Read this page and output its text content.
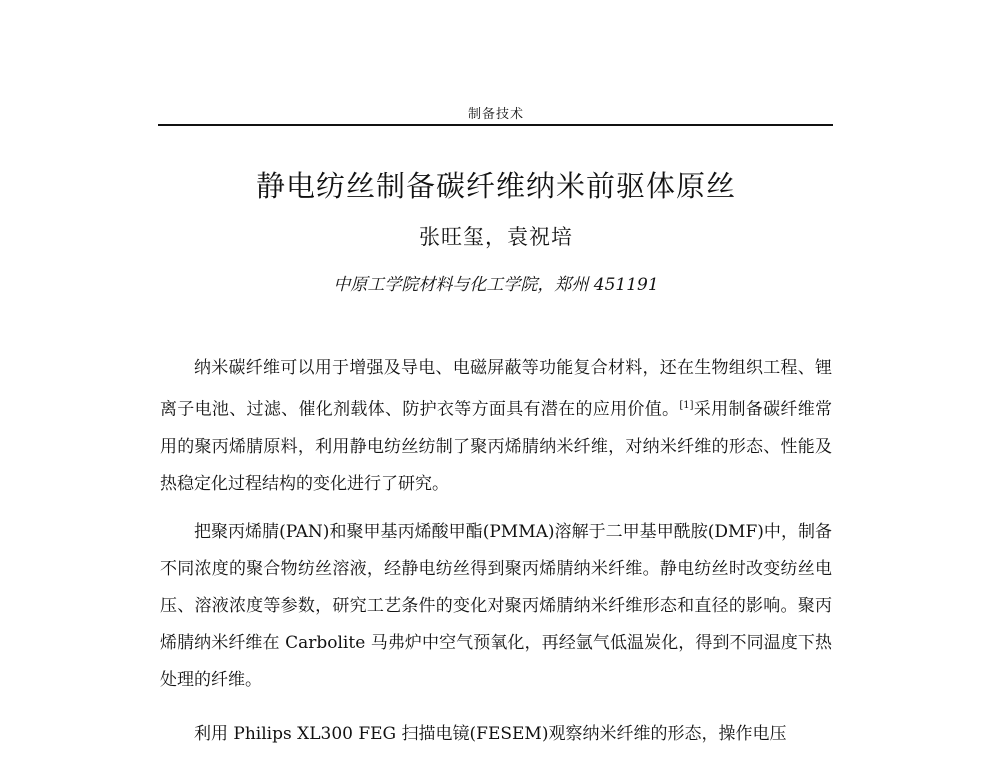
制备技术
静电纺丝制备碳纤维纳米前驱体原丝
张旺玺，袁祝培
中原工学院材料与化工学院，郑州 451191

纳米碳纤维可以用于增强及导电、电磁屏蔽等功能复合材料，还在生物组织工程、锂离子电池、过滤、催化剂载体、防护衣等方面具有潜在的应用价值。[1]采用制备碳纤维常用的聚丙烯腈原料，利用静电纺丝纺制了聚丙烯腈纳米纤维，对纳米纤维的形态、性能及热稳定化过程结构的变化进行了研究。

把聚丙烯腈(PAN)和聚甲基丙烯酸甲酯(PMMA)溶解于二甲基甲酰胺(DMF)中，制备不同浓度的聚合物纺丝溶液，经静电纺丝得到聚丙烯腈纳米纤维。静电纺丝时改变纺丝电压、溶液浓度等参数，研究工艺条件的变化对聚丙烯腈纳米纤维形态和直径的影响。聚丙烯腈纳米纤维在 Carbolite 马弗炉中空气预氧化，再经氩气低温炭化，得到不同温度下热处理的纤维。

利用 Philips XL300 FEG 扫描电镜(FESEM)观察纳米纤维的形态，操作电压
